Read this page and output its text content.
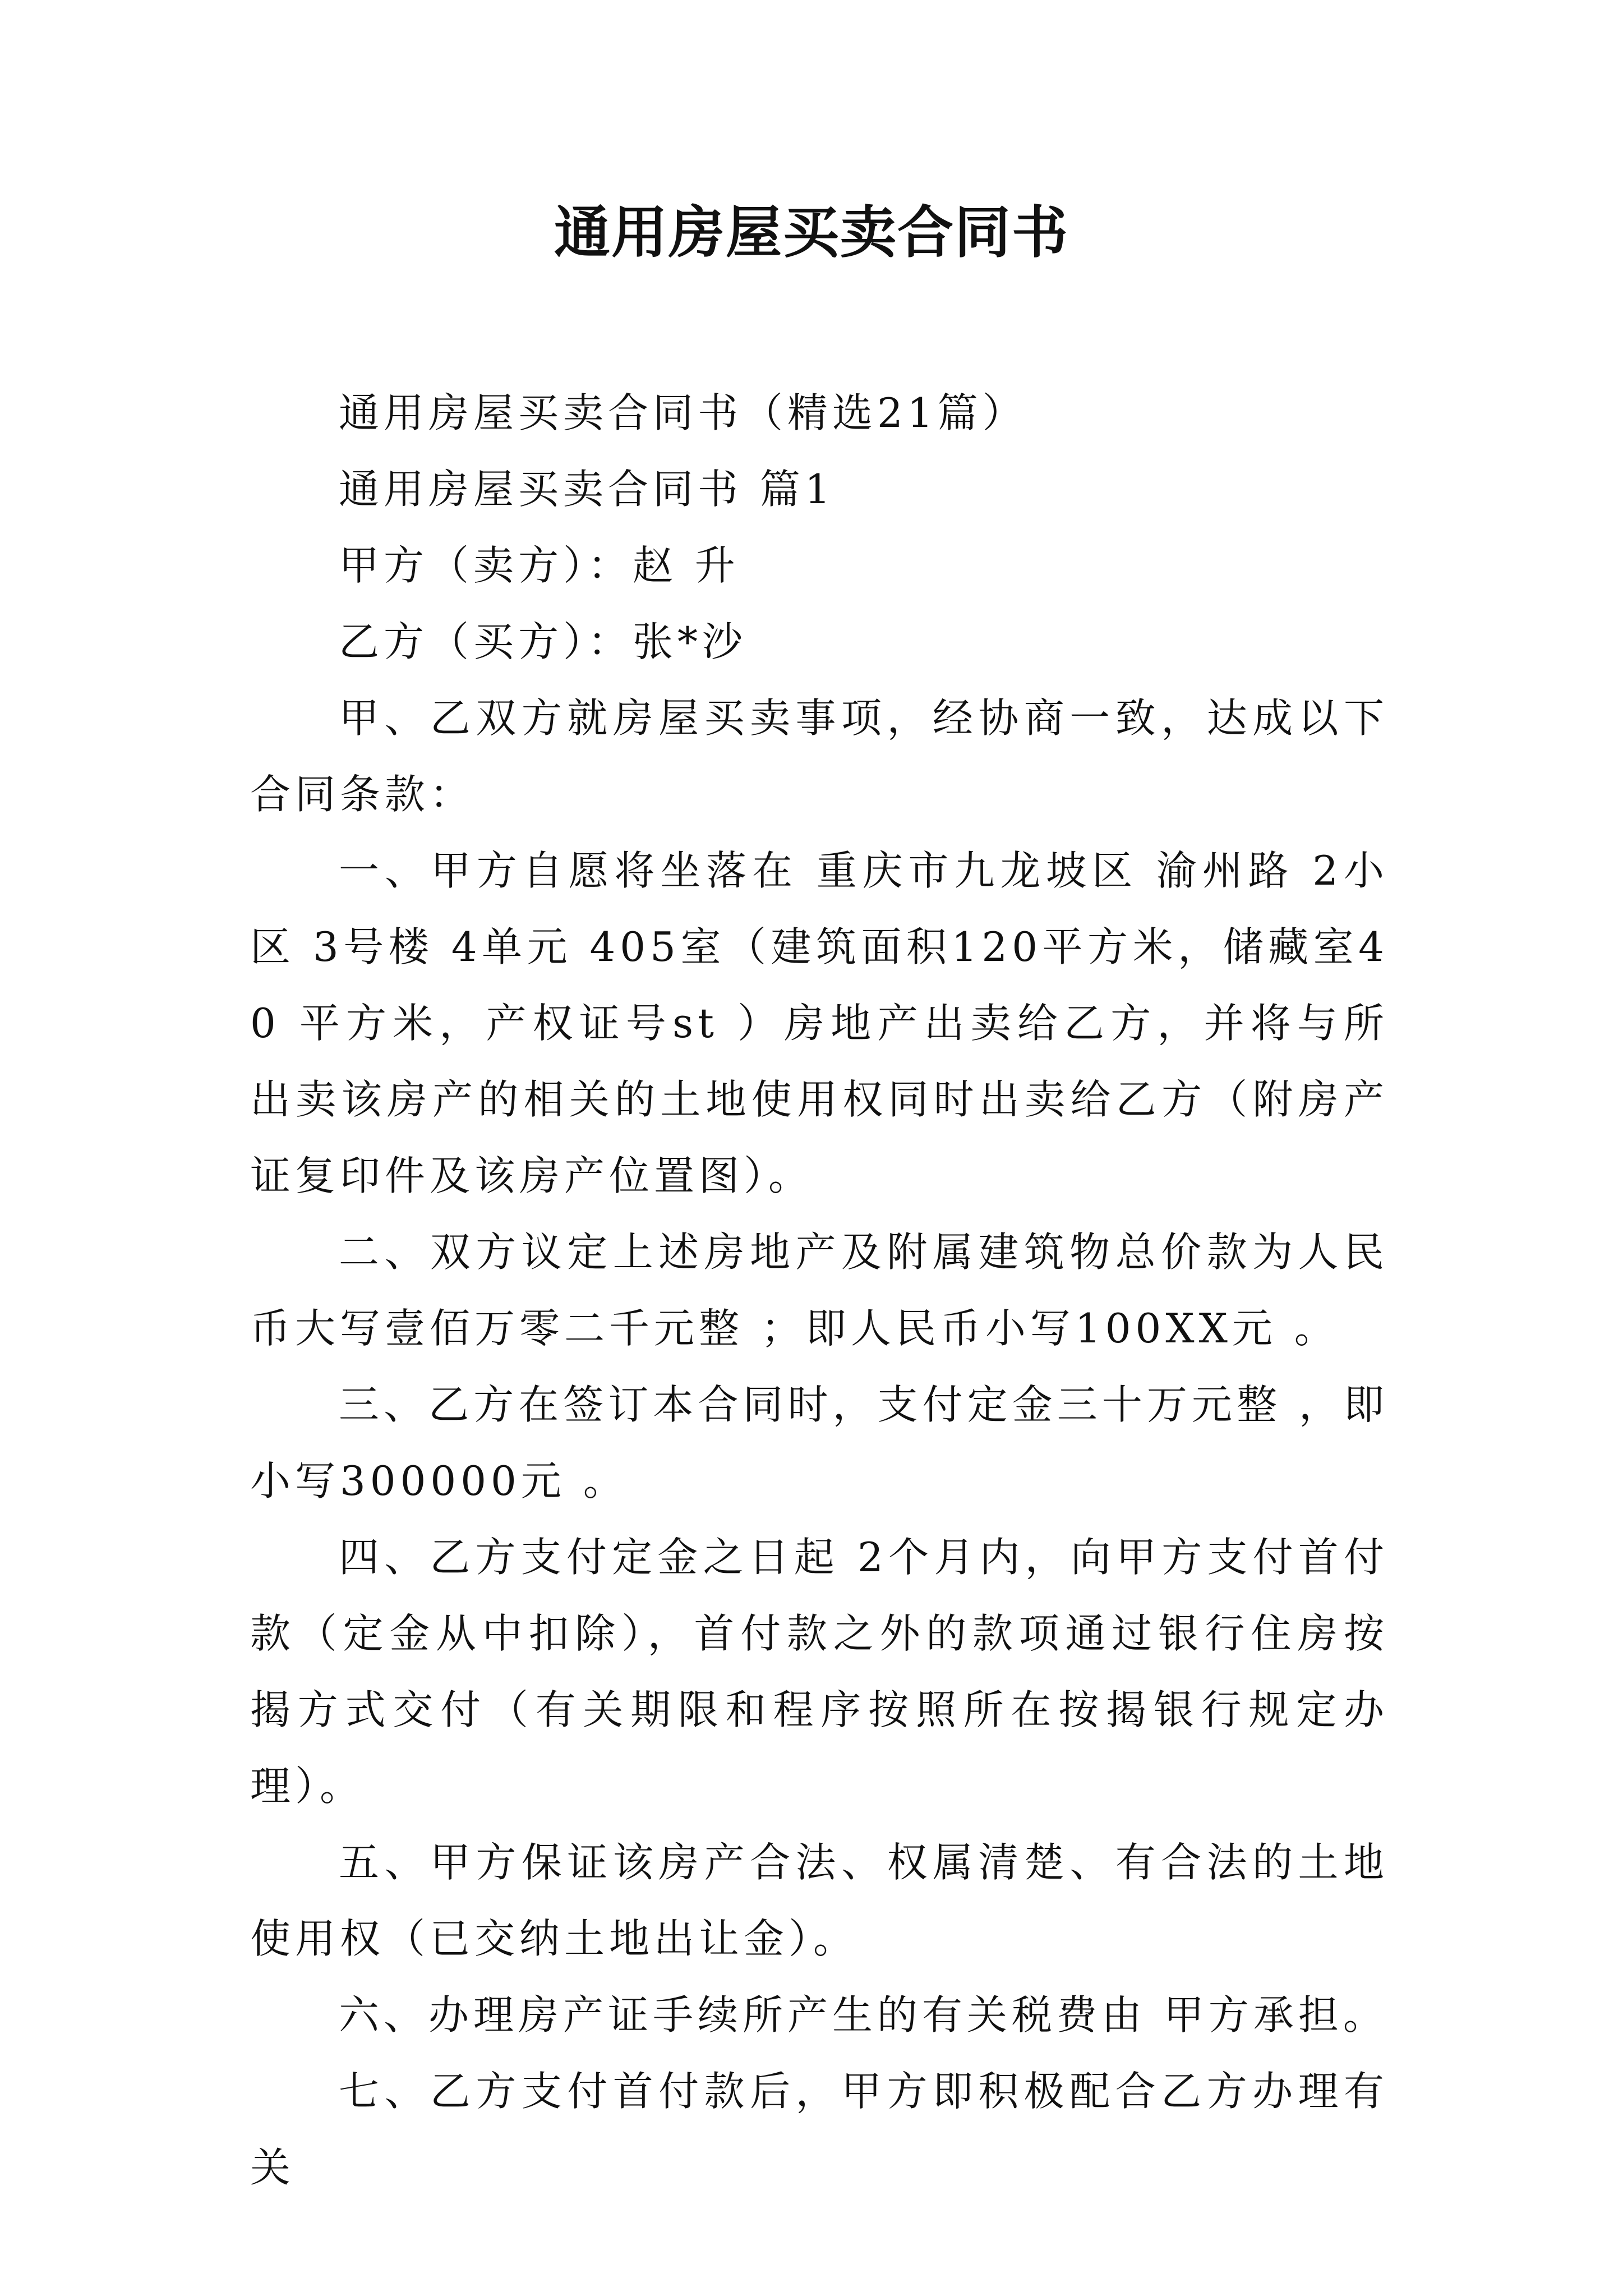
通用房屋买卖合同书

通用房屋买卖合同书（精选21篇）

通用房屋买卖合同书 篇1

甲方（卖方）：赵 升

乙方（买方）：张*沙

甲、乙双方就房屋买卖事项，经协商一致，达成以下合同条款：

一、甲方自愿将坐落在 重庆市九龙坡区 渝州路 2小区 3号楼 4单元 405室（建筑面积120平方米，储藏室40 平方米，产权证号st ）房地产出卖给乙方，并将与所出卖该房产的相关的土地使用权同时出卖给乙方（附房产证复印件及该房产位置图）。

二、双方议定上述房地产及附属建筑物总价款为人民币大写壹佰万零二千元整 ；即人民币小写100XX元 。

三、乙方在签订本合同时，支付定金三十万元整 ，即小写300000元 。

四、乙方支付定金之日起 2个月内，向甲方支付首付款（定金从中扣除），首付款之外的款项通过银行住房按揭方式交付（有关期限和程序按照所在按揭银行规定办理）。

五、甲方保证该房产合法、权属清楚、有合法的土地使用权（已交纳土地出让金）。

六、办理房产证手续所产生的有关税费由 甲方承担。

七、乙方支付首付款后，甲方即积极配合乙方办理有关
